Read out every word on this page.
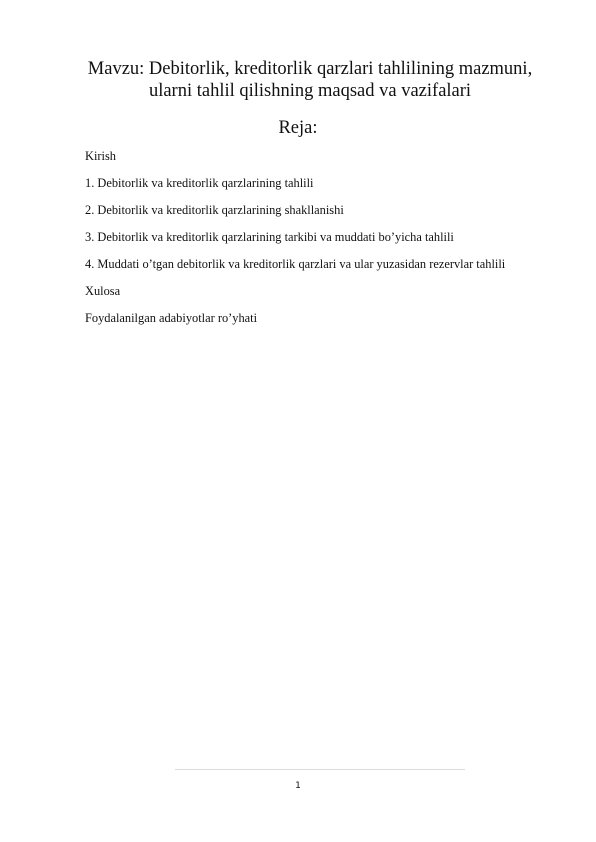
Mavzu: Debitorlik, kreditorlik qarzlari tahlilining mazmuni,
ularni tahlil qilishning maqsad va vazifalari
Reja:
Kirish
1. Debitorlik va kreditorlik qarzlarining tahlili
2. Debitorlik va kreditorlik qarzlarining shakllanishi
3. Debitorlik va kreditorlik qarzlarining tarkibi va muddati bo’yicha tahlili
4. Muddati o’tgan debitorlik va kreditorlik qarzlari va ular yuzasidan rezervlar tahlili
Xulosa
Foydalanilgan adabiyotlar ro’yhati
1
